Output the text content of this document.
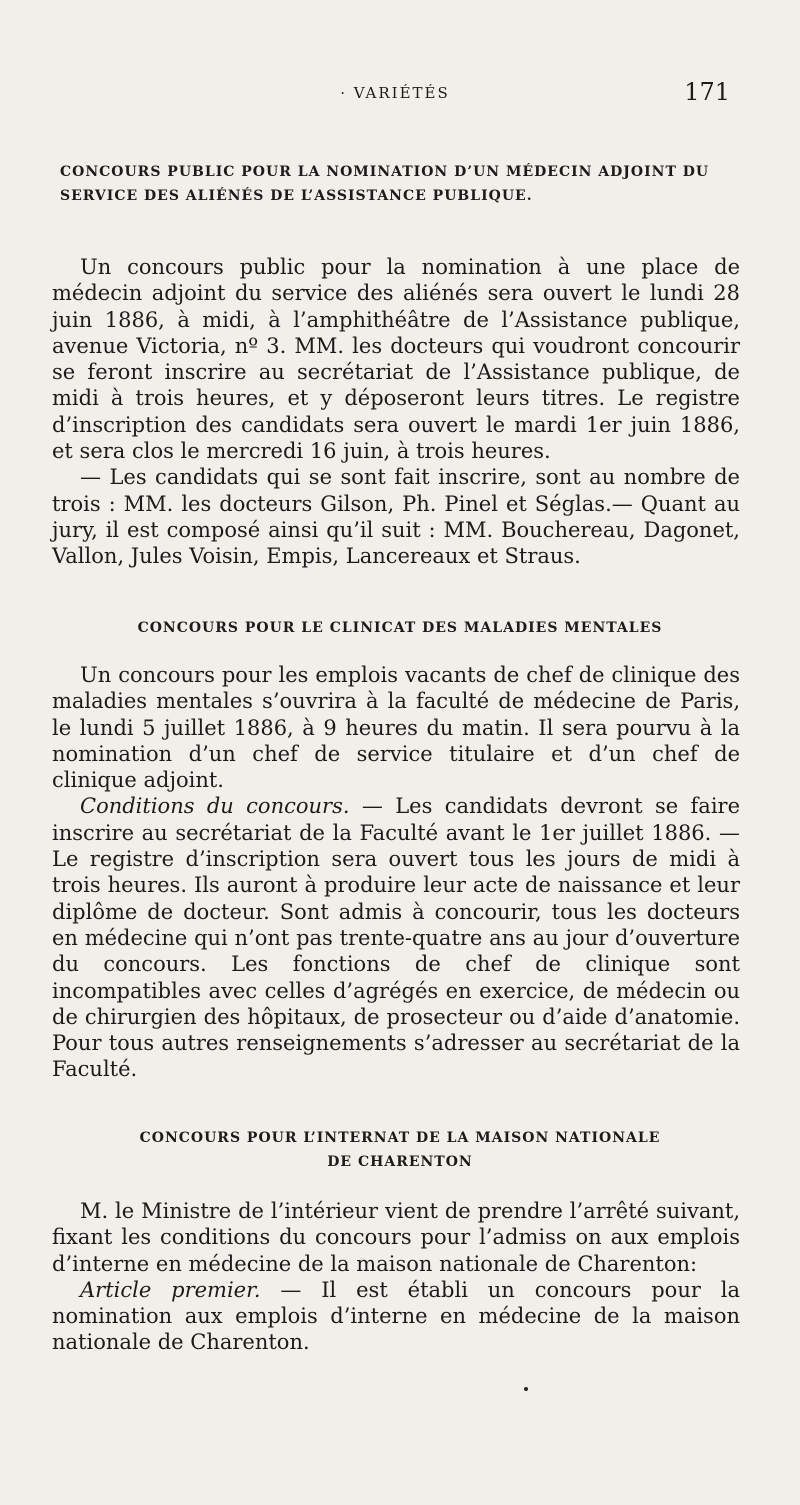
· VARIÉTÉS	171
CONCOURS PUBLIC POUR LA NOMINATION D’UN MÉDECIN ADJOINT DU SERVICE DES ALIÉNÉS DE L’ASSISTANCE PUBLIQUE.

Un concours public pour la nomination à une place de médecin adjoint du service des aliénés sera ouvert le lundi 28 juin 1886, à midi, à l’amphithéâtre de l’Assistance publique, avenue Victoria, nº 3. MM. les docteurs qui voudront concourir se feront inscrire au secrétariat de l’Assistance publique, de midi à trois heures, et y déposeront leurs titres. Le registre d’inscription des candidats sera ouvert le mardi 1er juin 1886, et sera clos le mercredi 16 juin, à trois heures.

— Les candidats qui se sont fait inscrire, sont au nombre de trois : MM. les docteurs Gilson, Ph. Pinel et Séglas.— Quant au jury, il est composé ainsi qu’il suit : MM. Bouchereau, Dagonet, Vallon, Jules Voisin, Empis, Lancereaux et Straus.

CONCOURS POUR LE CLINICAT DES MALADIES MENTALES

Un concours pour les emplois vacants de chef de clinique des maladies mentales s’ouvrira à la faculté de médecine de Paris, le lundi 5 juillet 1886, à 9 heures du matin. Il sera pourvu à la nomination d’un chef de service titulaire et d’un chef de clinique adjoint.

Conditions du concours. — Les candidats devront se faire inscrire au secrétariat de la Faculté avant le 1er juillet 1886. — Le registre d’inscription sera ouvert tous les jours de midi à trois heures. Ils auront à produire leur acte de naissance et leur diplôme de docteur. Sont admis à concourir, tous les docteurs en médecine qui n’ont pas trente-quatre ans au jour d’ouverture du concours. Les fonctions de chef de clinique sont incompatibles avec celles d’agrégés en exercice, de médecin ou de chirurgien des hôpitaux, de prosecteur ou d’aide d’anatomie. Pour tous autres renseignements s’adresser au secrétariat de la Faculté.

CONCOURS POUR L’INTERNAT DE LA MAISON NATIONALE
DE CHARENTON

M. le Ministre de l’intérieur vient de prendre l’arrêté suivant, fixant les conditions du concours pour l’admiss on aux emplois d’interne en médecine de la maison nationale de Charenton:

Article premier. — Il est établi un concours pour la nomination aux emplois d’interne en médecine de la maison nationale de Charenton.
